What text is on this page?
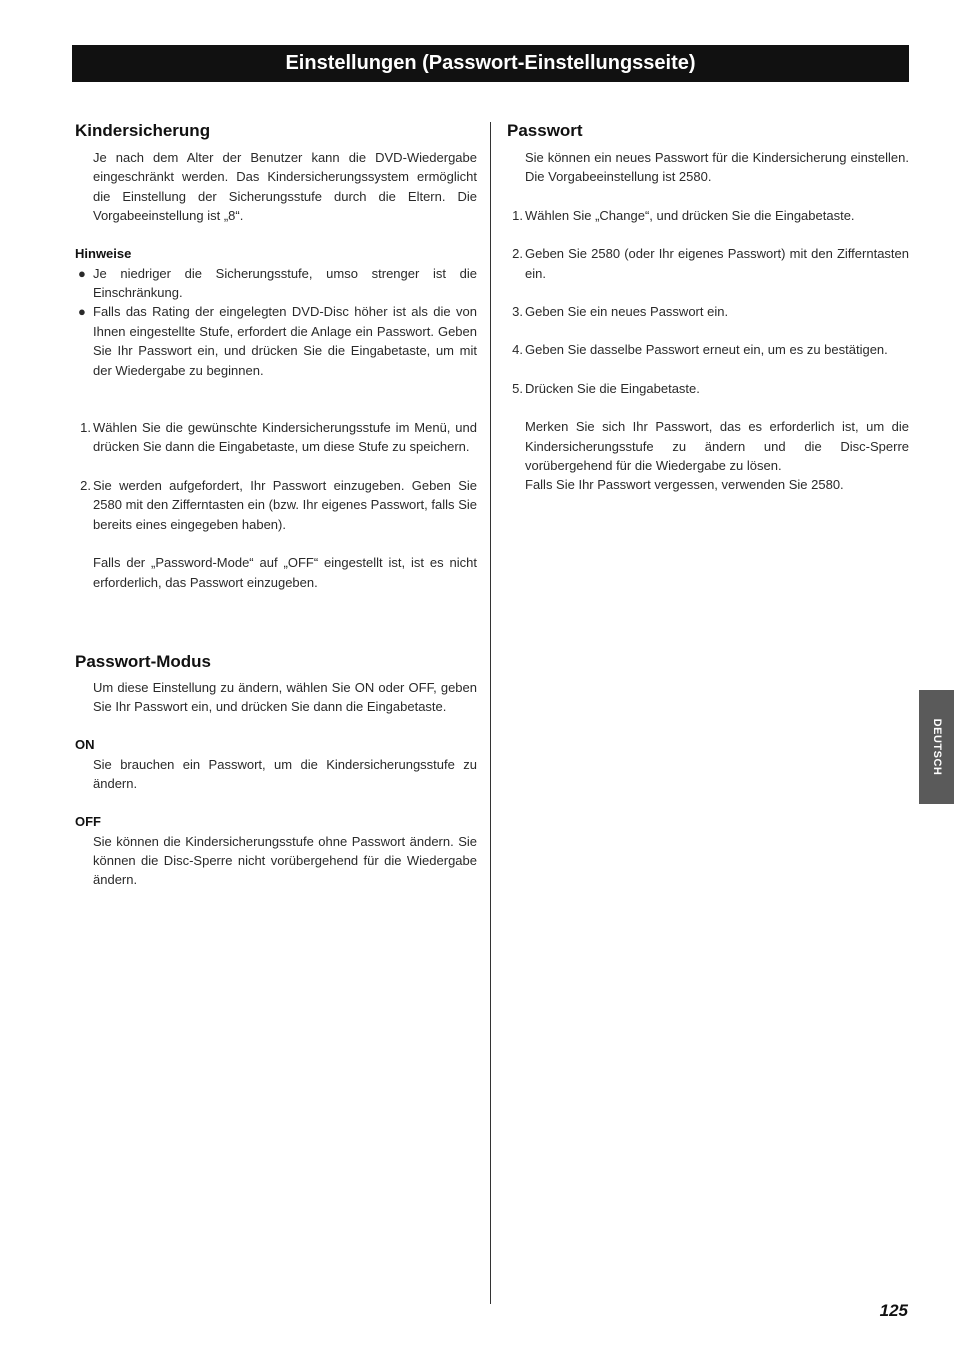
Einstellungen (Passwort-Einstellungsseite)
Kindersicherung

Je nach dem Alter der Benutzer kann die DVD-Wiedergabe eingeschränkt werden. Das Kindersicherungssystem ermöglicht die Einstellung der Sicherungsstufe durch die Eltern. Die Vorgabeeinstellung ist „8“.

Hinweise
● Je niedriger die Sicherungsstufe, umso strenger ist die Einschränkung.
● Falls das Rating der eingelegten DVD-Disc höher ist als die von Ihnen eingestellte Stufe, erfordert die Anlage ein Passwort. Geben Sie Ihr Passwort ein, und drücken Sie die Eingabetaste, um mit der Wiedergabe zu beginnen.
1. Wählen Sie die gewünschte Kindersicherungsstufe im Menü, und drücken Sie dann die Eingabetaste, um diese Stufe zu speichern.
2. Sie werden aufgefordert, Ihr Passwort einzugeben. Geben Sie 2580 mit den Zifferntasten ein (bzw. Ihr eigenes Passwort, falls Sie bereits eines eingegeben haben).

Falls der „Password-Mode“ auf „OFF“ eingestellt ist, ist es nicht erforderlich, das Passwort einzugeben.

Passwort-Modus

Um diese Einstellung zu ändern, wählen Sie ON oder OFF, geben Sie Ihr Passwort ein, und drücken Sie dann die Eingabetaste.

ON

Sie brauchen ein Passwort, um die Kindersicherungsstufe zu ändern.

OFF

Sie können die Kindersicherungsstufe ohne Passwort ändern. Sie können die Disc-Sperre nicht vorübergehend für die Wiedergabe ändern.

Passwort

Sie können ein neues Passwort für die Kindersicherung einstellen. Die Vorgabeeinstellung ist 2580.

1. Wählen Sie „Change“, und drücken Sie die Eingabetaste.
2. Geben Sie 2580 (oder Ihr eigenes Passwort) mit den Zifferntasten ein.
3. Geben Sie ein neues Passwort ein.
4. Geben Sie dasselbe Passwort erneut ein, um es zu bestätigen.
5. Drücken Sie die Eingabetaste.

Merken Sie sich Ihr Passwort, das es erforderlich ist, um die Kindersicherungsstufe zu ändern und die Disc-Sperre vorübergehend für die Wiedergabe zu lösen.

Falls Sie Ihr Passwort vergessen, verwenden Sie 2580.

DEUTSCH
125
